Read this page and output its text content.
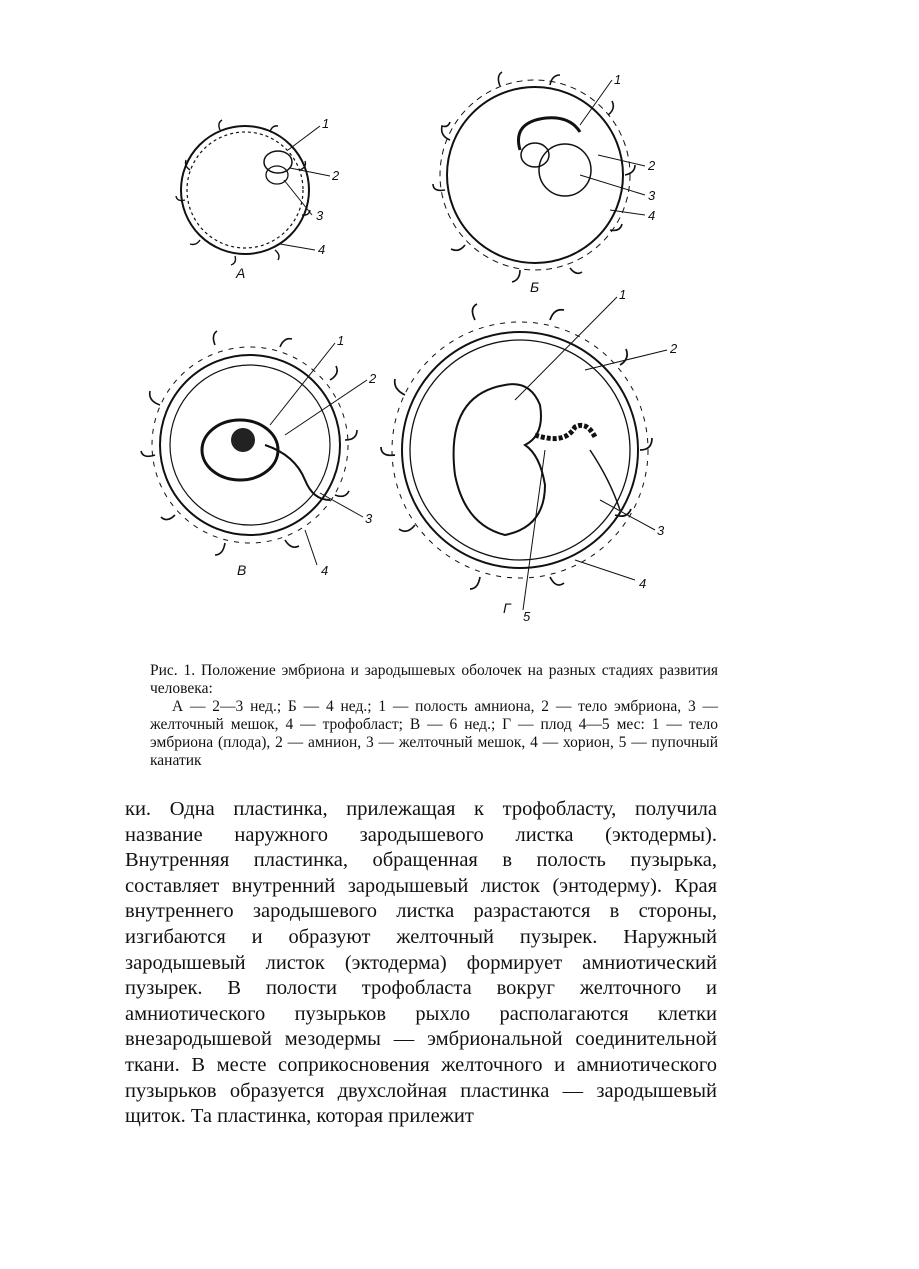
1
2
3
4
А
1
2
3
4
Б
1
2
3
4
В
1
2
3
4
5
Г
Рис. 1. Положение эмбриона и зародышевых оболочек на разных стадиях развития человека:
А — 2—3 нед.; Б — 4 нед.; 1 — полость амниона, 2 — тело эмбриона, 3 — желточный мешок, 4 — трофобласт; В — 6 нед.; Г — плод 4—5 мес: 1 — тело эмбриона (плода), 2 — амнион, 3 — желточный мешок, 4 — хорион, 5 — пупочный канатик
ки. Одна пластинка, прилежащая к трофобласту, получила название наружного зародышевого листка (эктодермы). Внутренняя пластинка, обращенная в полость пузырька, составляет внутренний зародышевый листок (энтодерму). Края внутреннего зародышевого листка разрастаются в стороны, изгибаются и образуют желточный пузырек. Наружный зародышевый листок (эктодерма) формирует амниотический пузырек. В полости трофобласта вокруг желточного и амниотического пузырьков рыхло располагаются клетки внезародышевой мезодермы — эмбриональной соединительной ткани. В месте соприкосновения желточного и амниотического пузырьков образуется двухслойная пластинка — зародышевый щиток. Та пластинка, которая прилежит
